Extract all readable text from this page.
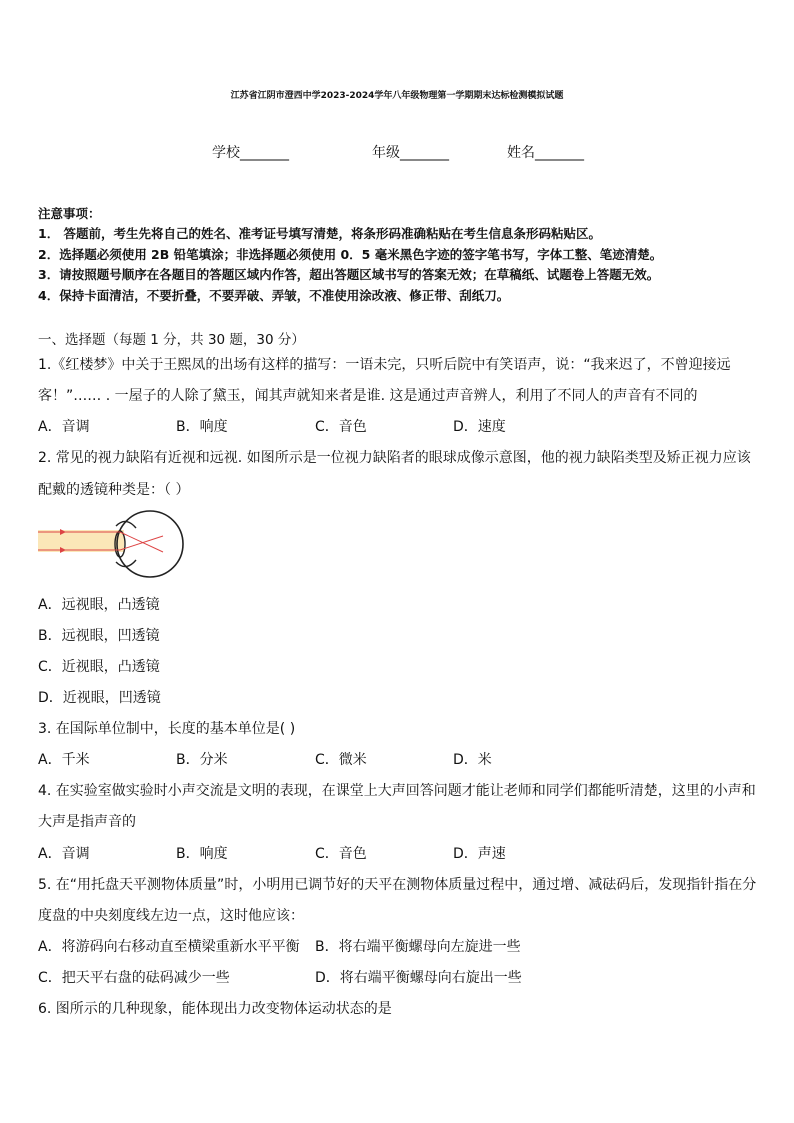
江苏省江阴市澄西中学2023-2024学年八年级物理第一学期期末达标检测模拟试题
学校_______	年级_______	姓名_______
注意事项：
1． 答题前，考生先将自己的姓名、准考证号填写清楚，将条形码准确粘贴在考生信息条形码粘贴区。
2．选择题必须使用 2B 铅笔填涂；非选择题必须使用 0．5 毫米黑色字迹的签字笔书写，字体工整、笔迹清楚。
3．请按照题号顺序在各题目的答题区域内作答，超出答题区域书写的答案无效；在草稿纸、试题卷上答题无效。
4．保持卡面清洁，不要折叠，不要弄破、弄皱，不准使用涂改液、修正带、刮纸刀。
一、选择题（每题 1 分，共 30 题，30 分）
1.《红楼梦》中关于王熙凤的出场有这样的描写：一语未完，只听后院中有笑语声，说：“我来迟了，不曾迎接远
客！”…… . 一屋子的人除了黛玉，闻其声就知来者是谁. 这是通过声音辨人，利用了不同人的声音有不同的
A．音调	B．响度	C．音色	D．速度
2. 常见的视力缺陷有近视和远视. 如图所示是一位视力缺陷者的眼球成像示意图，他的视力缺陷类型及矫正视力应该
配戴的透镜种类是：（ ）
A．远视眼，凸透镜
B．远视眼，凹透镜
C．近视眼，凸透镜
D．近视眼，凹透镜
3. 在国际单位制中，长度的基本单位是( )
A．千米	B．分米	C．微米	D．米
4. 在实验室做实验时小声交流是文明的表现，在课堂上大声回答问题才能让老师和同学们都能听清楚，这里的小声和
大声是指声音的
A．音调	B．响度	C．音色	D．声速
5. 在“用托盘天平测物体质量”时，小明用已调节好的天平在测物体质量过程中，通过增、减砝码后，发现指针指在分
度盘的中央刻度线左边一点，这时他应该：
A．将游码向右移动直至横梁重新水平平衡 B．将右端平衡螺母向左旋进一些
C．把天平右盘的砝码减少一些	D．将右端平衡螺母向右旋出一些
6. 图所示的几种现象，能体现出力改变物体运动状态的是
